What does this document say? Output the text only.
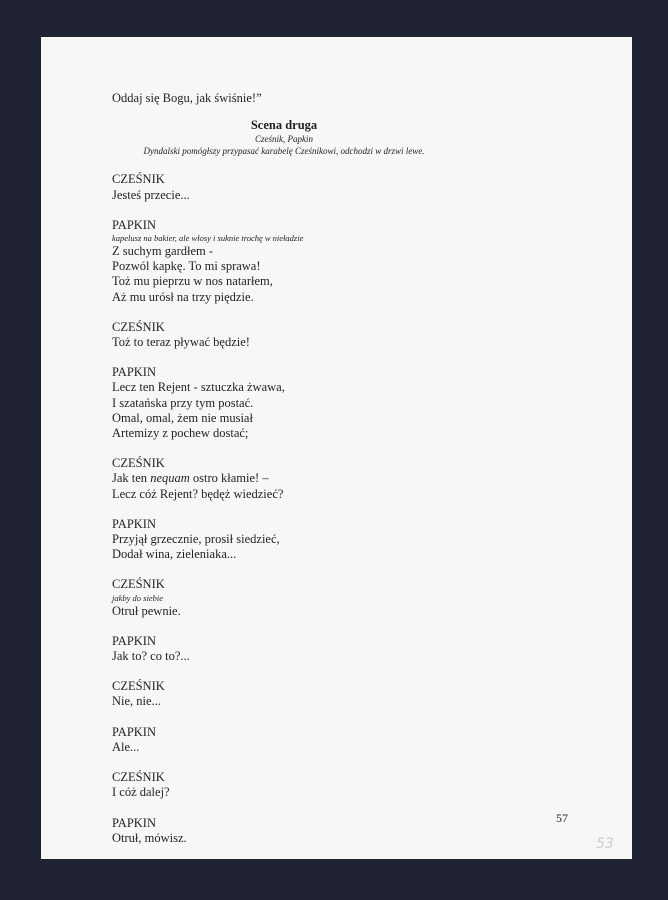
Oddaj się Bogu, jak świśnie!”
Scena druga
Cześnik, Papkin
Dyndalski pomógłszy przypasać karabelę Cześnikowi, odchodzi w drzwi lewe.
CZEŚNIK
Jesteś przecie...
PAPKIN
kapelusz na bakier, ale włosy i suknie trochę w nieładzie
Z suchym gardłem -
Pozwól kapkę. To mi sprawa!
Toż mu pieprzu w nos natarłem,
Aż mu urósł na trzy piędzie.
CZEŚNIK
Toż to teraz pływać będzie!
PAPKIN
Lecz ten Rejent - sztuczka żwawa,
I szatańska przy tym postać.
Omal, omal, żem nie musiał
Artemizy z pochew dostać;
CZEŚNIK
Jak ten nequam ostro kłamie! –
Lecz cóż Rejent? będęż wiedzieć?
PAPKIN
Przyjął grzecznie, prosił siedzieć,
Dodał wina, zieleniaka...
CZEŚNIK
jakby do siebie
Otruł pewnie.
PAPKIN
Jak to? co to?...
CZEŚNIK
Nie, nie...
PAPKIN
Ale...
CZEŚNIK
I cóż dalej?
PAPKIN
Otruł, mówisz.
57
53
